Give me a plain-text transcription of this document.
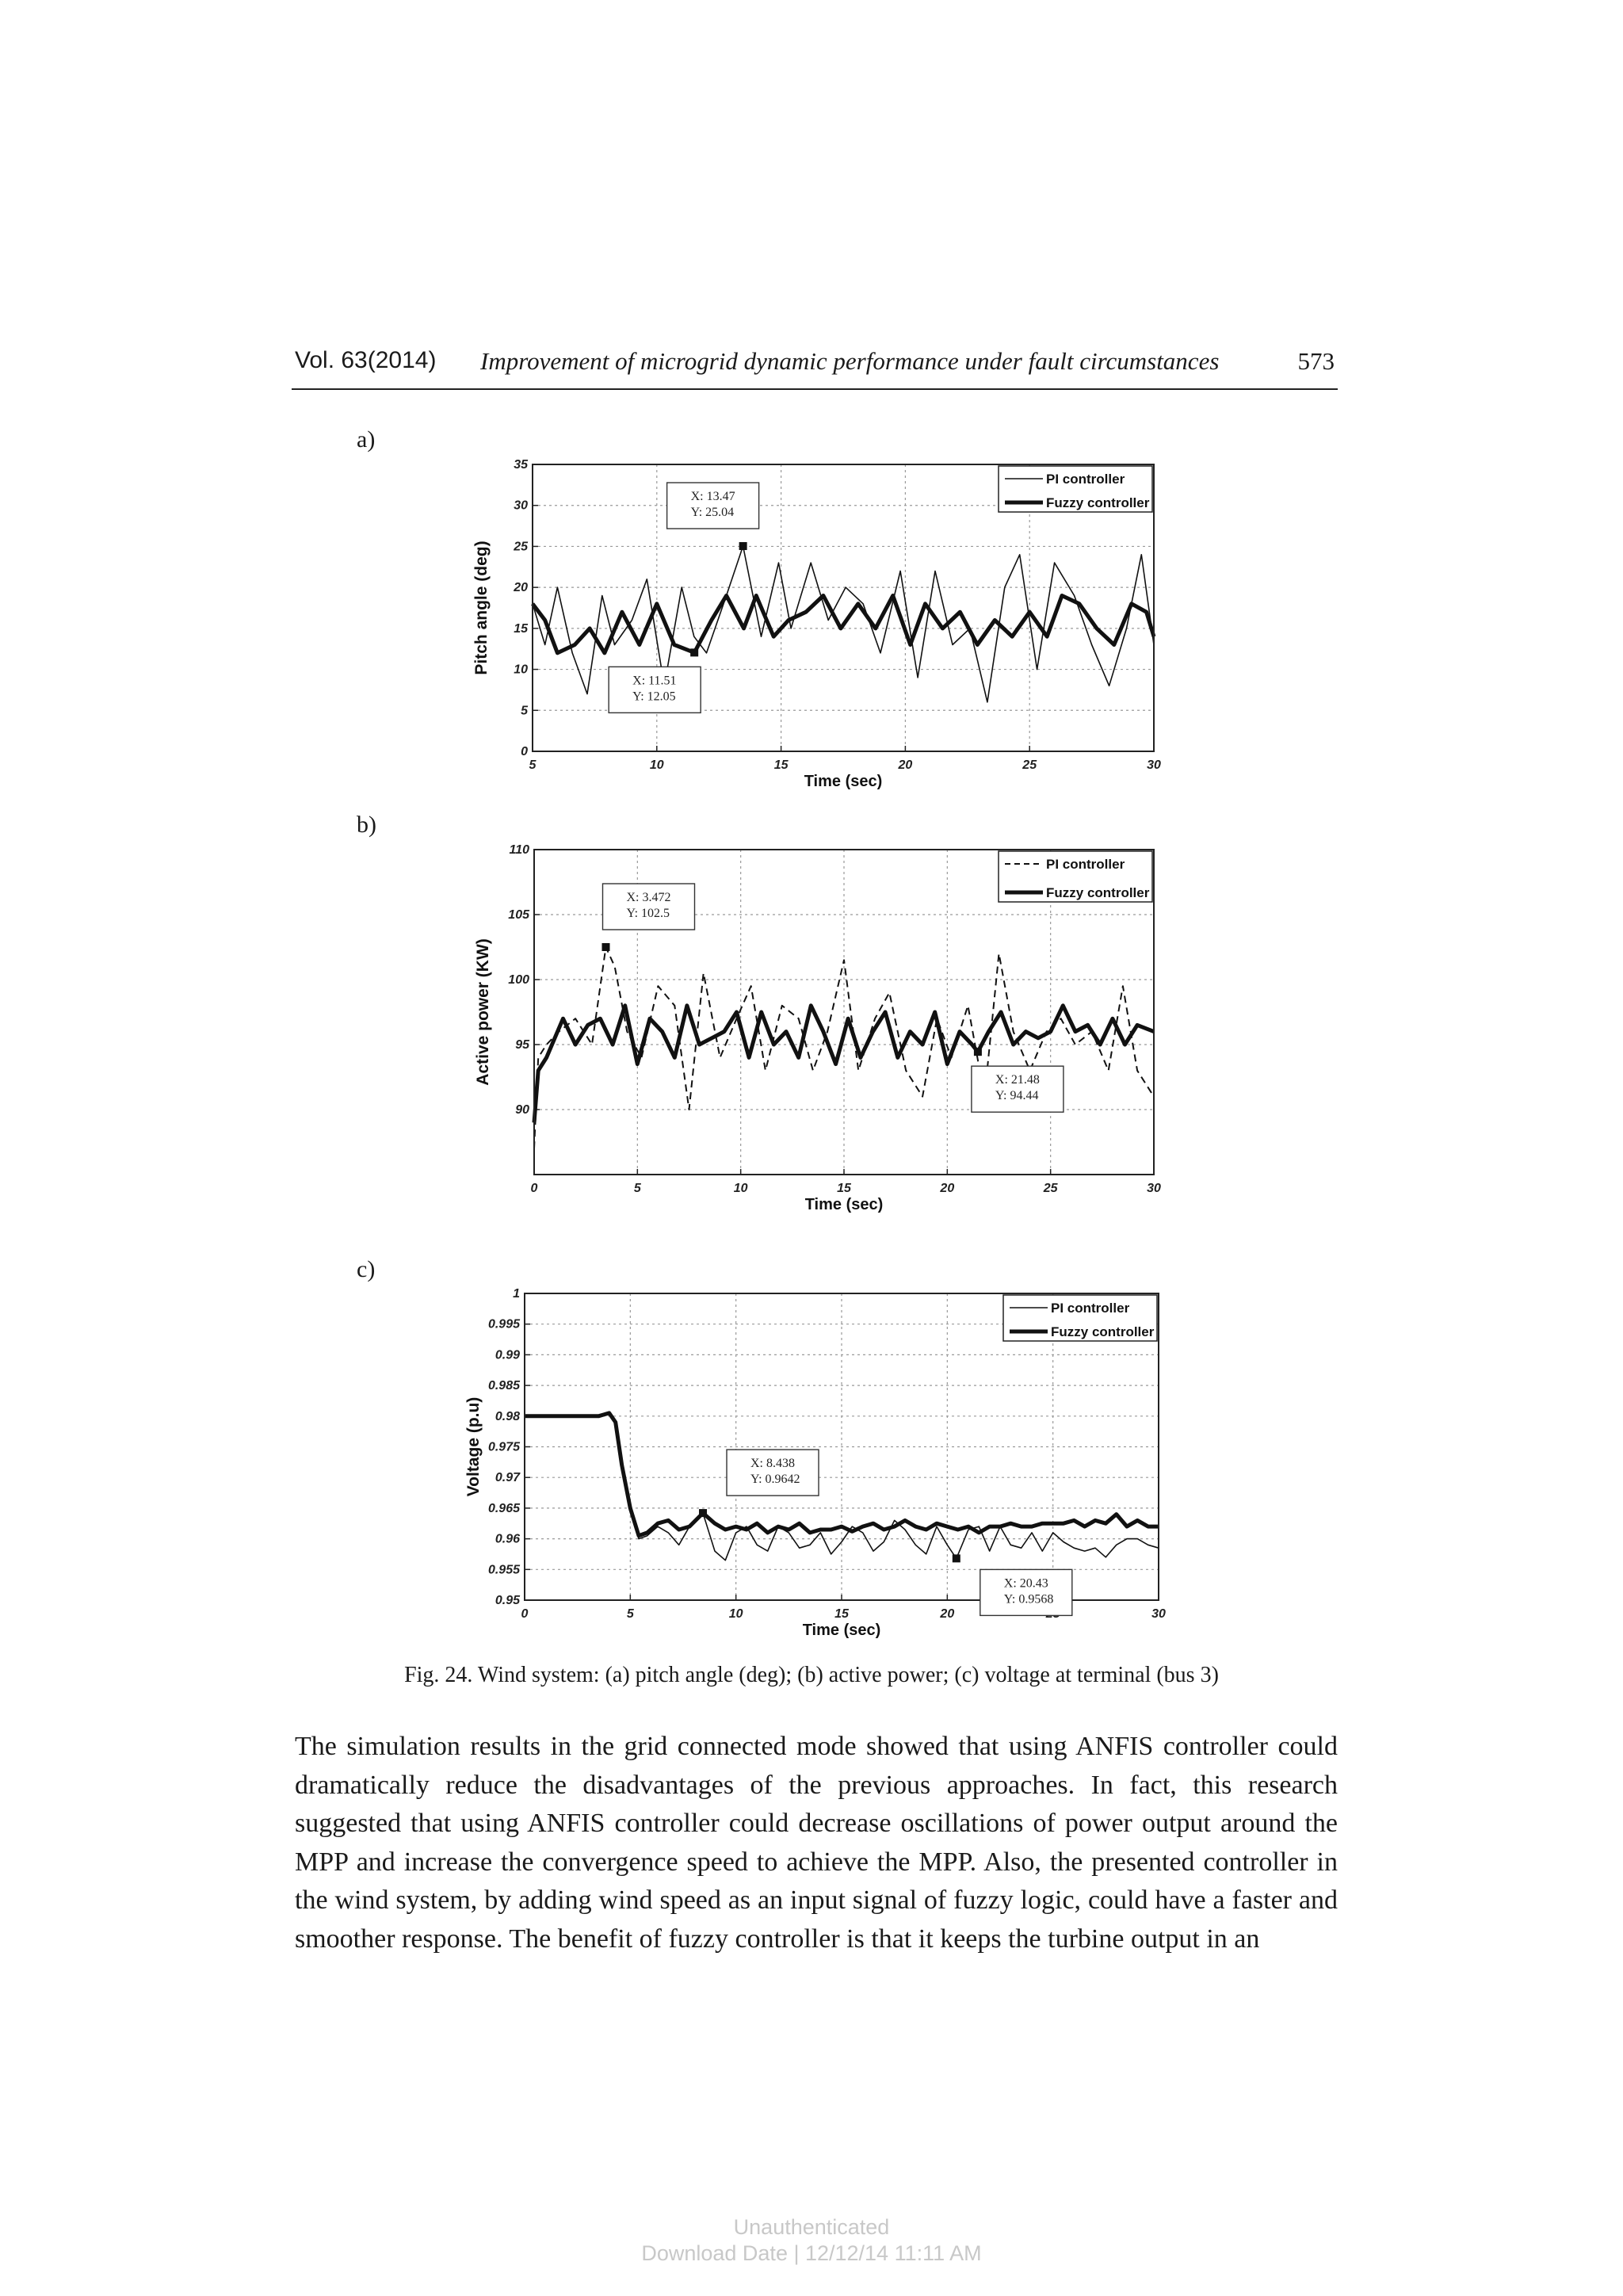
Vol. 63(2014) Improvement of microgrid dynamic performance under fault circumstances	573
a)
b)
c)
5	10	15	20	25	30
0
5
10
15
20
25
30
35
PI controller
Fuzzy controller
X: 13.47
Y: 25.04
X: 11.51
Y: 12.05
Time (sec)
Pitch angle (deg)
0	5	10	15	20	25	30
90
95
100
105
110
PI controller
Fuzzy controller
X: 3.472
Y: 102.5
X: 21.48
Y: 94.44
Time (sec)
Active power (KW)
0	5	10	15	20	30
0.95
0.955
0.96
0.965
0.97
0.975
0.98
0.985
0.99
0.995
1
PI controller
Fuzzy controller
X: 8.438
Y: 0.9642
X: 20.43
Y: 0.9568
Time (sec)
Voltage (p.u)
Fig. 24. Wind system: (a) pitch angle (deg); (b) active power; (c) voltage at terminal (bus 3)
The simulation results in the grid connected mode showed that using ANFIS controller could dramatically reduce the disadvantages of the previous approaches. In fact, this research suggested that using ANFIS controller could decrease oscillations of power output around the MPP and increase the convergence speed to achieve the MPP. Also, the presented controller in the wind system, by adding wind speed as an input signal of fuzzy logic, could have a faster and smoother response. The benefit of fuzzy controller is that it keeps the turbine output in an
Unauthenticated
Download Date | 12/12/14 11:11 AM
